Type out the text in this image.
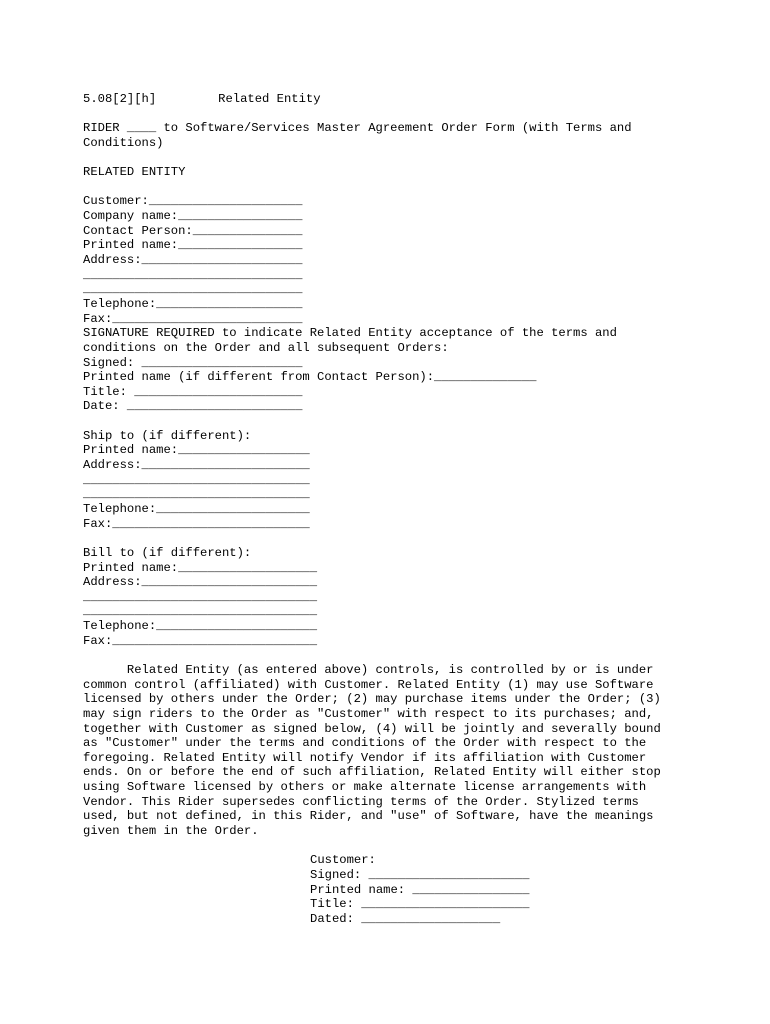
5.08[2][h]	Related Entity
RIDER ____ to Software/Services Master Agreement Order Form (with Terms and
Conditions)
RELATED ENTITY
Customer:_____________________
Company name:_________________
Contact Person:_______________
Printed name:_________________
Address:______________________
______________________________
______________________________
Telephone:____________________
Fax:__________________________
SIGNATURE REQUIRED to indicate Related Entity acceptance of the terms and
conditions on the Order and all subsequent Orders:
Signed: ______________________
Printed name (if different from Contact Person):______________
Title: _______________________
Date: ________________________
Ship to (if different):
Printed name:__________________
Address:_______________________
_______________________________
_______________________________
Telephone:_____________________
Fax:___________________________
Bill to (if different):
Printed name:___________________
Address:________________________
________________________________
________________________________
Telephone:______________________
Fax:____________________________
Related Entity (as entered above) controls, is controlled by or is under
common control (affiliated) with Customer. Related Entity (1) may use Software
licensed by others under the Order; (2) may purchase items under the Order; (3)
may sign riders to the Order as "Customer" with respect to its purchases; and,
together with Customer as signed below, (4) will be jointly and severally bound
as "Customer" under the terms and conditions of the Order with respect to the
foregoing. Related Entity will notify Vendor if its affiliation with Customer
ends. On or before the end of such affiliation, Related Entity will either stop
using Software licensed by others or make alternate license arrangements with
Vendor. This Rider supersedes conflicting terms of the Order. Stylized terms
used, but not defined, in this Rider, and "use" of Software, have the meanings
given them in the Order.
Customer:
Signed: ______________________
Printed name: ________________
Title: _______________________
Dated: ___________________
